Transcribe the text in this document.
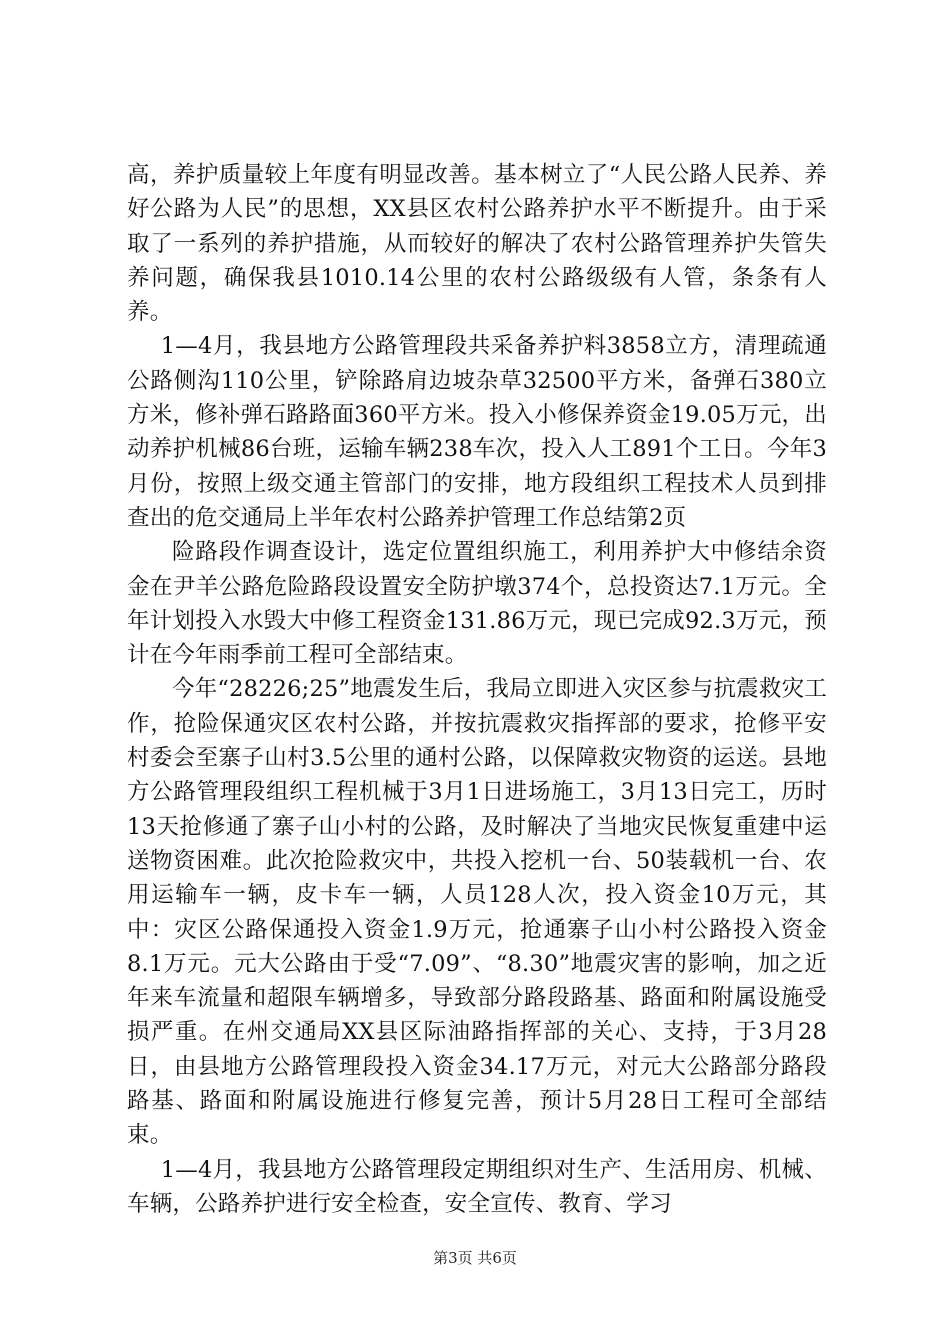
高，养护质量较上年度有明显改善。基本树立了“人民公路人民养、养好公路为人民”的思想，XX县区农村公路养护水平不断提升。由于采取了一系列的养护措施，从而较好的解决了农村公路管理养护失管失养问题，确保我县1010.14公里的农村公路级级有人管，条条有人养。

1—4月，我县地方公路管理段共采备养护料3858立方，清理疏通公路侧沟110公里，铲除路肩边坡杂草32500平方米，备弹石380立方米，修补弹石路路面360平方米。投入小修保养资金19.05万元，出动养护机械86台班，运输车辆238车次，投入人工891个工日。今年3月份，按照上级交通主管部门的安排，地方段组织工程技术人员到排查出的危交通局上半年农村公路养护管理工作总结第2页

险路段作调查设计，选定位置组织施工，利用养护大中修结余资金在尹羊公路危险路段设置安全防护墩374个，总投资达7.1万元。全年计划投入水毁大中修工程资金131.86万元，现已完成92.3万元，预计在今年雨季前工程可全部结束。

今年“28226;25”地震发生后，我局立即进入灾区参与抗震救灾工作，抢险保通灾区农村公路，并按抗震救灾指挥部的要求，抢修平安村委会至寨子山村3.5公里的通村公路，以保障救灾物资的运送。县地方公路管理段组织工程机械于3月1日进场施工，3月13日完工，历时13天抢修通了寨子山小村的公路，及时解决了当地灾民恢复重建中运送物资困难。此次抢险救灾中，共投入挖机一台、50装载机一台、农用运输车一辆，皮卡车一辆，人员128人次，投入资金10万元，其中：灾区公路保通投入资金1.9万元，抢通寨子山小村公路投入资金8.1万元。元大公路由于受“7.09”、“8.30”地震灾害的影响，加之近年来车流量和超限车辆增多，导致部分路段路基、路面和附属设施受损严重。在州交通局XX县区际油路指挥部的关心、支持，于3月28日，由县地方公路管理段投入资金34.17万元，对元大公路部分路段路基、路面和附属设施进行修复完善，预计5月28日工程可全部结束。

1—4月，我县地方公路管理段定期组织对生产、生活用房、机械、车辆，公路养护进行安全检查，安全宣传、教育、学习

第3页 共6页
